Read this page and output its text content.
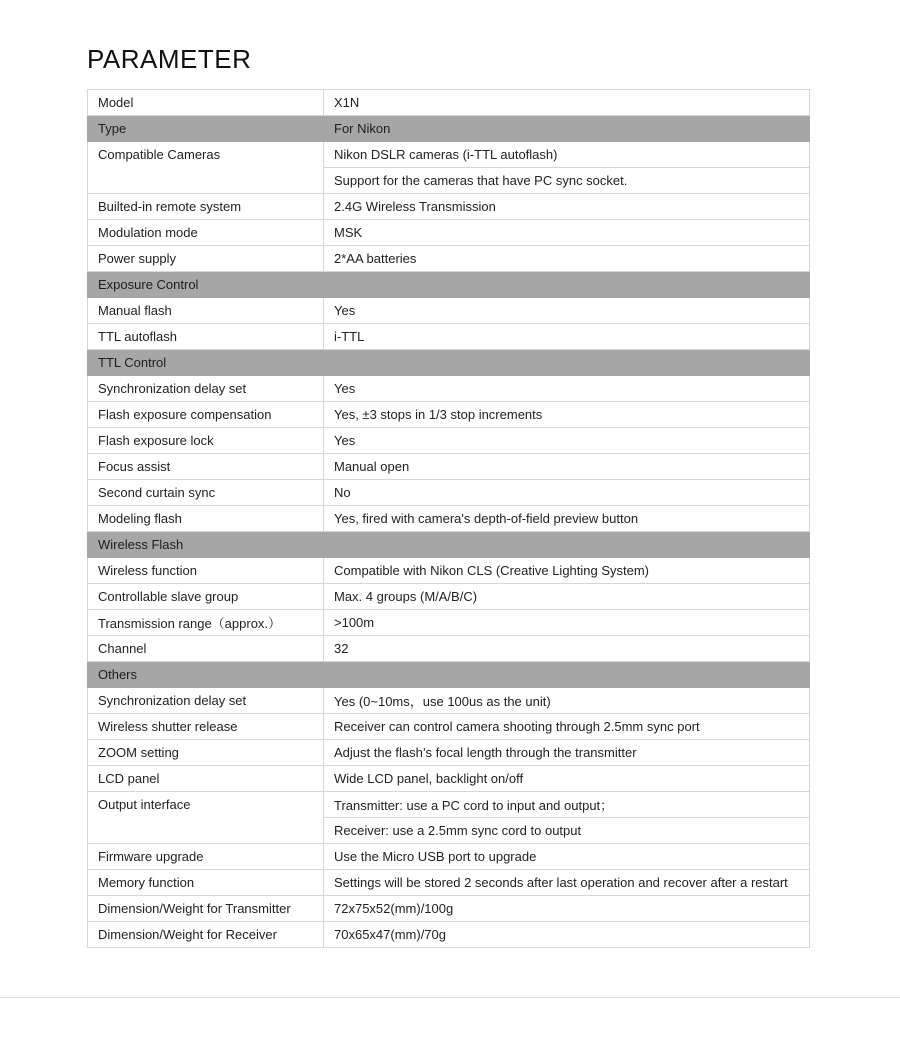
PARAMETER
Model	X1N
Type	For Nikon
Compatible Cameras	Nikon DSLR cameras (i-TTL autoflash)
	Support for the cameras that have PC sync socket.
Builted-in remote system	2.4G Wireless Transmission
Modulation mode	MSK
Power supply	2*AA batteries
Exposure Control	
Manual flash	Yes
TTL autoflash	i-TTL
TTL Control	
Synchronization delay set	Yes
Flash exposure compensation	Yes, ±3 stops in 1/3 stop increments
Flash exposure lock	Yes
Focus assist	Manual open
Second curtain sync	No
Modeling flash	Yes, fired with camera's depth-of-field preview button
Wireless Flash	
Wireless function	Compatible with Nikon CLS (Creative Lighting System)
Controllable slave group	Max. 4 groups (M/A/B/C)
Transmission range（approx.）	>100m
Channel	32
Others	
Synchronization delay set	Yes (0~10ms，use 100us as the unit)
Wireless shutter release	Receiver can control camera shooting through 2.5mm sync port
ZOOM setting	Adjust the flash’s focal length through the transmitter
LCD panel	Wide LCD panel, backlight on/off
Output interface	Transmitter: use a PC cord to input and output；
	Receiver: use a 2.5mm sync cord to output
Firmware upgrade	Use the Micro USB port to upgrade
Memory function	Settings will be stored 2 seconds after last operation and recover after a restart
Dimension/Weight for Transmitter	72x75x52(mm)/100g
Dimension/Weight for Receiver	70x65x47(mm)/70g
